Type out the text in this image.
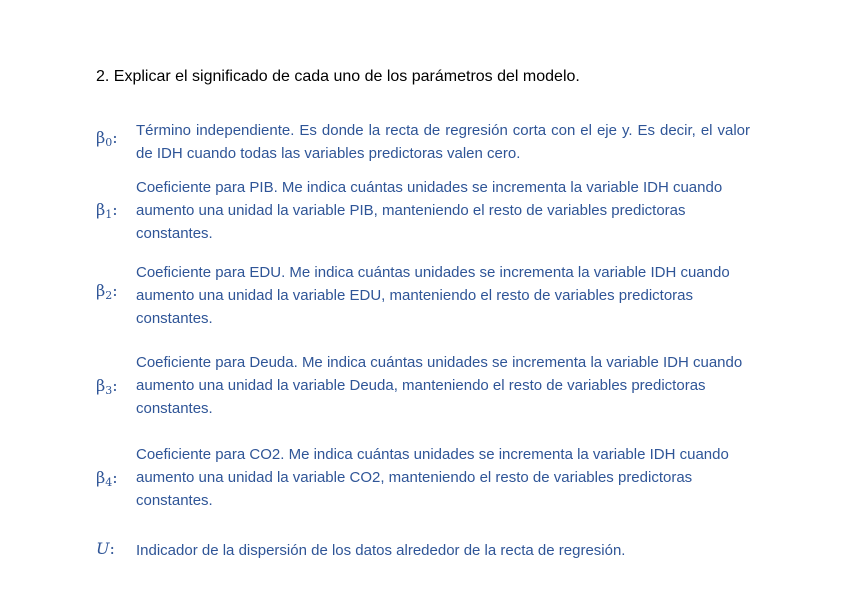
2. Explicar el significado de cada uno de los parámetros del modelo.
$\beta_0$: Término independiente. Es donde la recta de regresión corta con el eje y. Es decir, el valor de IDH cuando todas las variables predictoras valen cero.
$\beta_1$:
Coeficiente para PIB. Me indica cuántas unidades se incrementa la variable IDH cuando aumento una unidad la variable PIB, manteniendo el resto de variables predictoras constantes.
$\beta_2$:
Coeficiente para EDU. Me indica cuántas unidades se incrementa la variable IDH cuando aumento una unidad la variable EDU, manteniendo el resto de variables predictoras constantes.
$\beta_3$:
Coeficiente para Deuda. Me indica cuántas unidades se incrementa la variable IDH cuando aumento una unidad la variable Deuda, manteniendo el resto de variables predictoras constantes.
$\beta_4$:
Coeficiente para CO2. Me indica cuántas unidades se incrementa la variable IDH cuando aumento una unidad la variable CO2, manteniendo el resto de variables predictoras constantes.
U: Indicador de la dispersión de los datos alrededor de la recta de regresión.
